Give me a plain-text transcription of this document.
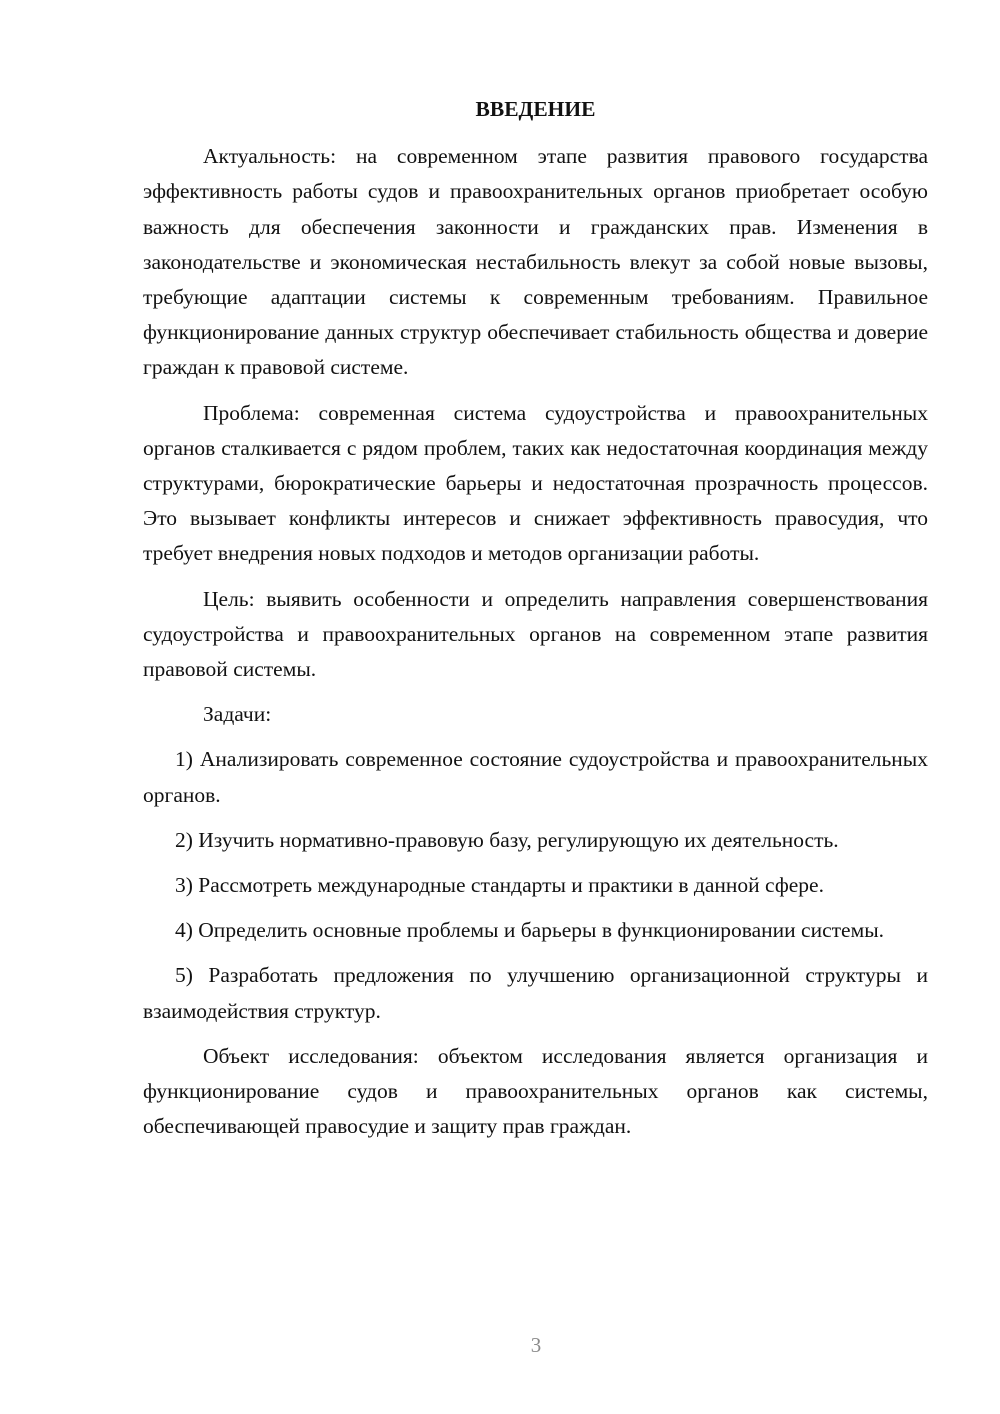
ВВЕДЕНИЕ

Актуальность: на современном этапе развития правового государства эффективность работы судов и правоохранительных органов приобретает особую важность для обеспечения законности и гражданских прав. Изменения в законодательстве и экономическая нестабильность влекут за собой новые вызовы, требующие адаптации системы к современным требованиям. Правильное функционирование данных структур обеспечивает стабильность общества и доверие граждан к правовой системе.

Проблема: современная система судоустройства и правоохранительных органов сталкивается с рядом проблем, таких как недостаточная координация между структурами, бюрократические барьеры и недостаточная прозрачность процессов. Это вызывает конфликты интересов и снижает эффективность правосудия, что требует внедрения новых подходов и методов организации работы.

Цель: выявить особенности и определить направления совершенствования судоустройства и правоохранительных органов на современном этапе развития правовой системы.

Задачи:

1) Анализировать современное состояние судоустройства и правоохранительных органов.

2) Изучить нормативно-правовую базу, регулирующую их деятельность.

3) Рассмотреть международные стандарты и практики в данной сфере.

4) Определить основные проблемы и барьеры в функционировании системы.

5) Разработать предложения по улучшению организационной структуры и взаимодействия структур.

Объект исследования: объектом исследования является организация и функционирование судов и правоохранительных органов как системы, обеспечивающей правосудие и защиту прав граждан.

3
